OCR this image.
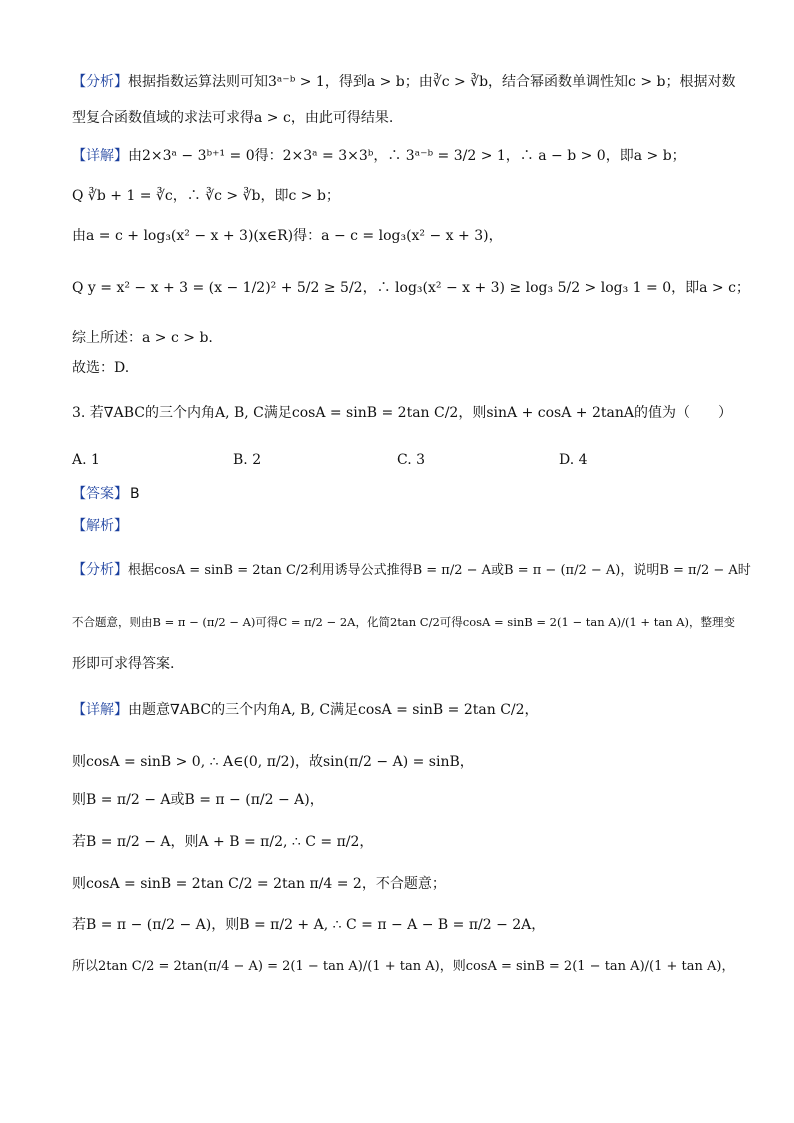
【分析】根据指数运算法则可知3ᵃ⁻ᵇ > 1，得到a > b；由∛c > ∛b，结合幂函数单调性知c > b；根据对数
型复合函数值域的求法可求得a > c，由此可得结果.
【详解】由2×3ᵃ − 3ᵇ⁺¹ = 0得：2×3ᵃ = 3×3ᵇ，∴ 3ᵃ⁻ᵇ = 3/2 > 1，∴ a − b > 0，即a > b；
Q ∛b + 1 = ∛c，∴ ∛c > ∛b，即c > b；
由a = c + log₃(x² − x + 3)(x∈R)得：a − c = log₃(x² − x + 3)，
Q y = x² − x + 3 = (x − 1/2)² + 5/2 ≥ 5/2，∴ log₃(x² − x + 3) ≥ log₃ 5/2 > log₃ 1 = 0，即a > c；
综上所述：a > c > b.
故选：D.
3. 若∇ABC的三个内角A, B, C满足cosA = sinB = 2tan C/2，则sinA + cosA + 2tanA的值为（　　）
A. 1	B. 2	C. 3	D. 4
【答案】 B
【解析】
【分析】根据cosA = sinB = 2tan C/2利用诱导公式推得B = π/2 − A或B = π − (π/2 − A)，说明B = π/2 − A时
不合题意，则由B = π − (π/2 − A)可得C = π/2 − 2A，化简2tan C/2可得cosA = sinB = 2(1 − tan A)/(1 + tan A)，整理变
形即可求得答案.
【详解】由题意∇ABC的三个内角A, B, C满足cosA = sinB = 2tan C/2，
则cosA = sinB > 0, ∴ A∈(0, π/2)，故sin(π/2 − A) = sinB，
则B = π/2 − A或B = π − (π/2 − A)，
若B = π/2 − A，则A + B = π/2, ∴ C = π/2，
则cosA = sinB = 2tan C/2 = 2tan π/4 = 2，不合题意；
若B = π − (π/2 − A)，则B = π/2 + A, ∴ C = π − A − B = π/2 − 2A，
所以2tan C/2 = 2tan(π/4 − A) = 2(1 − tan A)/(1 + tan A)，则cosA = sinB = 2(1 − tan A)/(1 + tan A)，
